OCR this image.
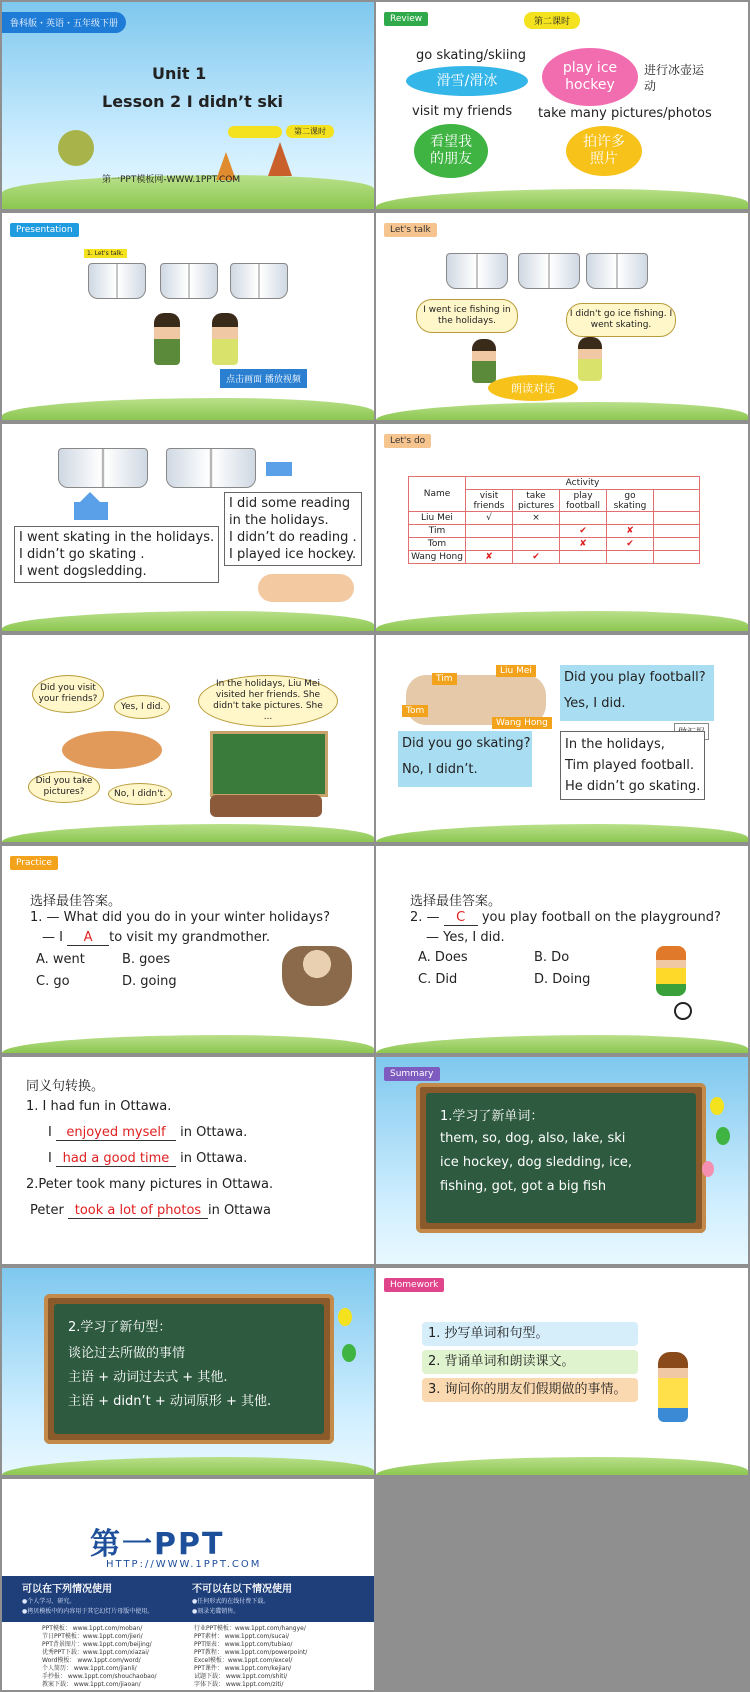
鲁科版・英语・五年级下册
Unit 1
Lesson 2 I didn’t ski
第二课时
第一PPT模板网-WWW.1PPT.COM
Review	第二课时
go skating/skiing
滑雪/滑冰
play ice hockey
进行冰壶运动
visit my friends take many pictures/photos
看望我的朋友
拍许多照片
Presentation
1. Let's talk.
点击画面 播放视频
Let's talk
I went ice fishing in the holidays.
I didn't go ice fishing. I went skating.
朗读对话
I did some reading
in the holidays.
I didn’t do reading .
I played ice hockey.
I went skating in the holidays.
I didn’t go skating .
I went dogsledding.
Let's do
Name	Activity				
	visit friends	take pictures	play football	go skating	
Liu Mei	√	×			
Tim			✔	✘	
Tom			✘	✔	
Wang Hong	✘	✔			
Did you visit your friends?
Yes, I did.
Did you take pictures?	No, I didn't.
In the holidays, Liu Mei visited her friends. She didn't take pictures. She ...
Tim
Liu Mei
Tom
Wang Hong
Did you play football?
Yes, I did.
Did you go skating?
No, I didn’t.
In the holidays,
Tim played football.
He didn’t go skating.
Practice
选择最佳答案。
1. — What did you do in your winter holidays?
— I A to visit my grandmother.
A. went	B. goes
C. go	D. going
选择最佳答案。
2. — C you play football on the playground?
— Yes, I did.
A. Does	B. Do
C. Did	D. Doing
同义句转换。
1. I had fun in Ottawa.
I enjoyed myself in Ottawa.
I had a good time in Ottawa.
2.Peter took many pictures in Ottawa.
Peter took a lot of photos in Ottawa
Summary
1.学习了新单词：
them, so, dog, also, lake, ski
ice hockey, dog sledding, ice,
fishing, got, got a big fish
2.学习了新句型：
谈论过去所做的事情
主语 + 动词过去式 + 其他.
主语 + didn’t + 动词原形 + 其他.
Homework
1. 抄写单词和句型。
2. 背诵单词和朗读课文。
3. 询问你的朋友们假期做的事情。
第一PPT
HTTP://WWW.1PPT.COM
可以在下列情况使用
●个人学习、研究。
●拷贝模板中的内容用于其它幻灯片母版中使用。
不可以在以下情况使用
●任何形式的在线付费下载。
●刻录光碟销售。
PPT模板： www.1ppt.com/moban/
节日PPT模板：www.1ppt.com/jieri/
PPT背景图片：www.1ppt.com/beijing/
优秀PPT下载：www.1ppt.com/xiazai/
Word模板： www.1ppt.com/word/
个人简历： www.1ppt.com/jianli/
手抄报： www.1ppt.com/shouchaobao/
教案下载： www.1ppt.com/jiaoan/
行业PPT模板：www.1ppt.com/hangye/
PPT素材： www.1ppt.com/sucai/
PPT图表： www.1ppt.com/tubiao/
PPT教程： www.1ppt.com/powerpoint/
Excel模板：www.1ppt.com/excel/
PPT课件： www.1ppt.com/kejian/
试题下载： www.1ppt.com/shiti/
字体下载： www.1ppt.com/ziti/
